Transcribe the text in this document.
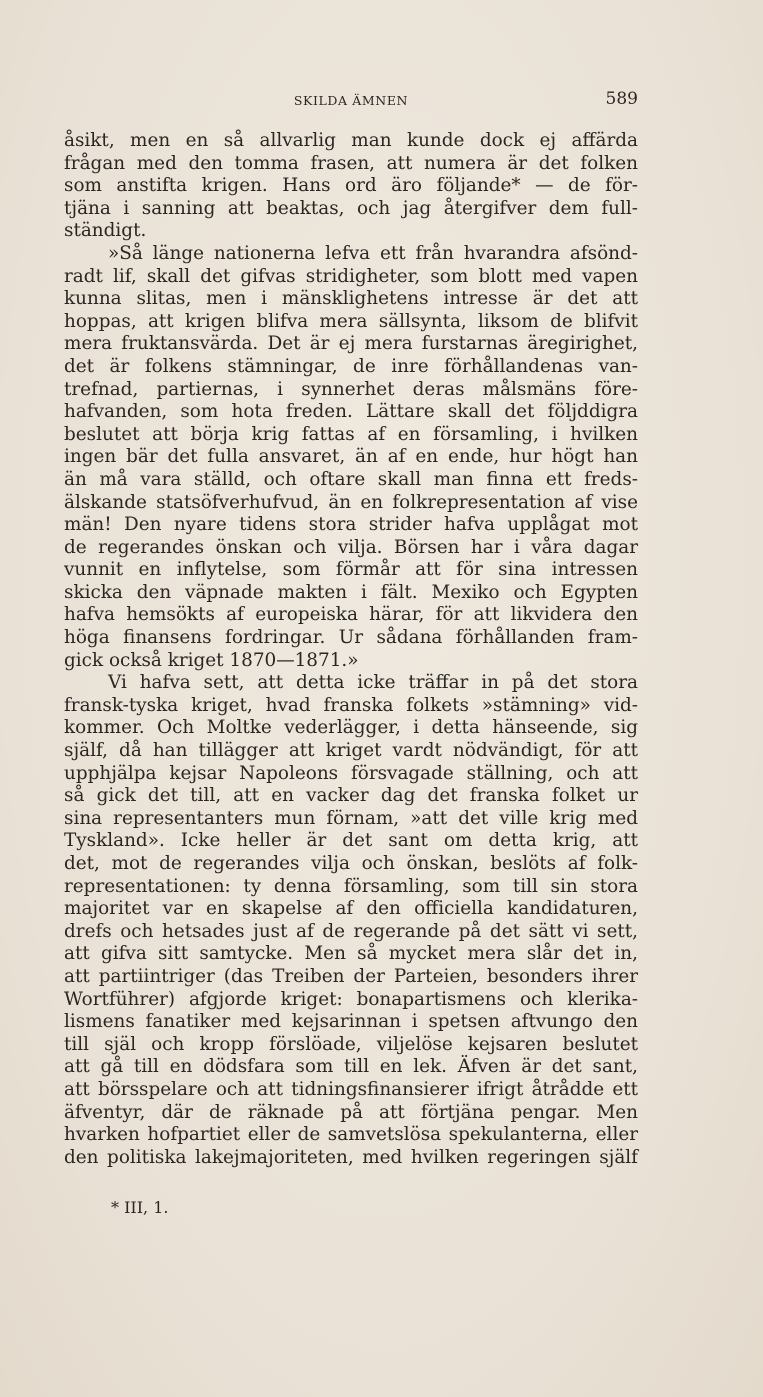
SKILDA ÄMNEN	589
åsikt, men en så allvarlig man kunde dock ej affärda
frågan med den tomma frasen, att numera är det folken
som anstifta krigen. Hans ord äro följande* — de för-
tjäna i sanning att beaktas, och jag återgifver dem full-
ständigt.
»Så länge nationerna lefva ett från hvarandra afsönd-
radt lif, skall det gifvas stridigheter, som blott med vapen
kunna slitas, men i mänsklighetens intresse är det att
hoppas, att krigen blifva mera sällsynta, liksom de blifvit
mera fruktansvärda. Det är ej mera furstarnas äregirighet,
det är folkens stämningar, de inre förhållandenas van-
trefnad, partiernas, i synnerhet deras målsmäns före-
hafvanden, som hota freden. Lättare skall det följddigra
beslutet att börja krig fattas af en församling, i hvilken
ingen bär det fulla ansvaret, än af en ende, hur högt han
än må vara ställd, och oftare skall man finna ett freds-
älskande statsöfverhufvud, än en folkrepresentation af vise
män! Den nyare tidens stora strider hafva upplågat mot
de regerandes önskan och vilja. Börsen har i våra dagar
vunnit en inflytelse, som förmår att för sina intressen
skicka den väpnade makten i fält. Mexiko och Egypten
hafva hemsökts af europeiska härar, för att likvidera den
höga finansens fordringar. Ur sådana förhållanden fram-
gick också kriget 1870—1871.»
Vi hafva sett, att detta icke träffar in på det stora
fransk-tyska kriget, hvad franska folkets »stämning» vid-
kommer. Och Moltke vederlägger, i detta hänseende, sig
själf, då han tillägger att kriget vardt nödvändigt, för att
upphjälpa kejsar Napoleons försvagade ställning, och att
så gick det till, att en vacker dag det franska folket ur
sina representanters mun förnam, »att det ville krig med
Tyskland». Icke heller är det sant om detta krig, att
det, mot de regerandes vilja och önskan, beslöts af folk-
representationen: ty denna församling, som till sin stora
majoritet var en skapelse af den officiella kandidaturen,
drefs och hetsades just af de regerande på det sätt vi sett,
att gifva sitt samtycke. Men så mycket mera slår det in,
att partiintriger (das Treiben der Parteien, besonders ihrer
Wortführer) afgjorde kriget: bonapartismens och klerika-
lismens fanatiker med kejsarinnan i spetsen aftvungo den
till själ och kropp förslöade, viljelöse kejsaren beslutet
att gå till en dödsfara som till en lek. Äfven är det sant,
att börsspelare och att tidningsfinansierer ifrigt åtrådde ett
äfventyr, där de räknade på att förtjäna pengar. Men
hvarken hofpartiet eller de samvetslösa spekulanterna, eller
den politiska lakejmajoriteten, med hvilken regeringen själf
* III, 1.
